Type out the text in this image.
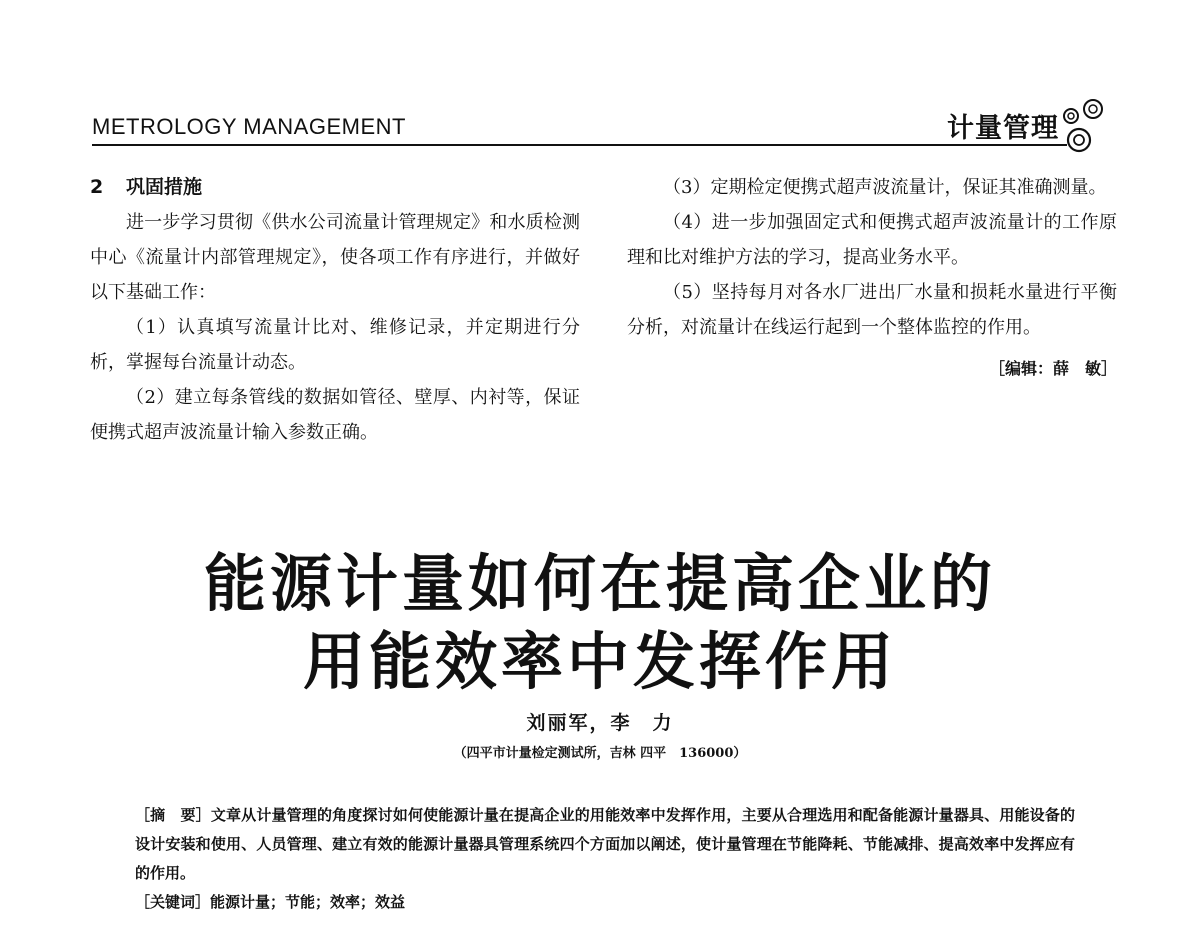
METROLOGY MANAGEMENT	计量管理

2 巩固措施

进一步学习贯彻《供水公司流量计管理规定》和水质检测中心《流量计内部管理规定》，使各项工作有序进行，并做好以下基础工作：

（1）认真填写流量计比对、维修记录，并定期进行分析，掌握每台流量计动态。

（2）建立每条管线的数据如管径、壁厚、内衬等，保证便携式超声波流量计输入参数正确。

（3）定期检定便携式超声波流量计，保证其准确测量。

（4）进一步加强固定式和便携式超声波流量计的工作原理和比对维护方法的学习，提高业务水平。

（5）坚持每月对各水厂进出厂水量和损耗水量进行平衡分析，对流量计在线运行起到一个整体监控的作用。

［编辑：薛　敏］

能源计量如何在提高企业的
用能效率中发挥作用
刘丽军，李　力
（四平市计量检定测试所，吉林 四平　136000）

［摘　要］文章从计量管理的角度探讨如何使能源计量在提高企业的用能效率中发挥作用，主要从合理选用和配备能源计量器具、用能设备的设计安装和使用、人员管理、建立有效的能源计量器具管理系统四个方面加以阐述，使计量管理在节能降耗、节能减排、提高效率中发挥应有的作用。

［关键词］能源计量；节能；效率；效益
